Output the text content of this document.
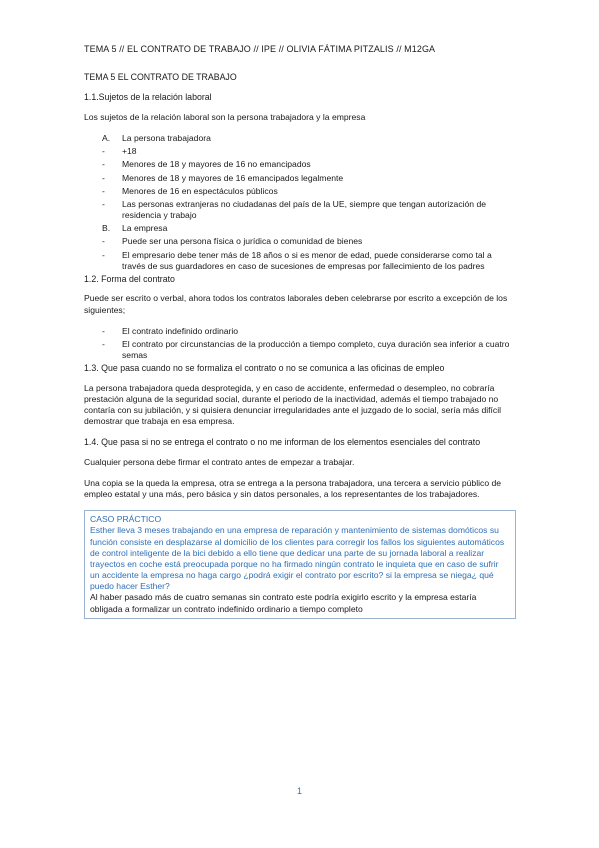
TEMA 5 // EL CONTRATO DE TRABAJO // IPE // OLIVIA FÁTIMA PITZALIS // M12GA
TEMA 5 EL CONTRATO DE TRABAJO
1.1.Sujetos de la relación laboral
Los sujetos de la relación laboral son la persona trabajadora y la empresa
A.	La persona trabajadora
-	+18
-	Menores de 18 y mayores de 16 no emancipados
-	Menores de 18 y mayores de 16 emancipados legalmente
-	Menores de 16 en espectáculos públicos
-	Las personas extranjeras no ciudadanas del país de la UE, siempre que tengan autorización de residencia y trabajo
B.	La empresa
-	Puede ser una persona física o jurídica o comunidad de bienes
-	El empresario debe tener más de 18 años o si es menor de edad, puede considerarse como tal a través de sus guardadores en caso de sucesiones de empresas por fallecimiento de los padres
1.2. Forma del contrato
Puede ser escrito o verbal, ahora todos los contratos laborales deben celebrarse por escrito a excepción de los siguientes;
-	El contrato indefinido ordinario
-	El contrato por circunstancias de la producción a tiempo completo, cuya duración sea inferior a cuatro semas
1.3. Que pasa cuando no se formaliza el contrato o no se comunica a las oficinas de empleo
La persona trabajadora queda desprotegida, y en caso de accidente, enfermedad o desempleo, no cobraría prestación alguna de la seguridad social, durante el periodo de la inactividad, además el tiempo trabajado no contaría con su jubilación, y si quisiera denunciar irregularidades ante el juzgado de lo social, sería más difícil demostrar que trabaja en esa empresa.
1.4. Que pasa si no se entrega el contrato o no me informan de los elementos esenciales del contrato
Cualquier persona debe firmar el contrato antes de empezar a trabajar.
Una copia se la queda la empresa, otra se entrega a la persona trabajadora, una tercera a servicio público de empleo estatal y una más, pero básica y sin datos personales, a los representantes de los trabajadores.
CASO PRÁCTICO
Esther lleva 3 meses trabajando en una empresa de reparación y mantenimiento de sistemas domóticos su función consiste en desplazarse al domicilio de los clientes para corregir los fallos los siguientes automáticos de control inteligente de la bici debido a ello tiene que dedicar una parte de su jornada laboral a realizar trayectos en coche está preocupada porque no ha firmado ningún contrato le inquieta que en caso de sufrir un accidente la empresa no haga cargo ¿podrá exigir el contrato por escrito? si la empresa se niega¿ qué puedo hacer Esther?
Al haber pasado más de cuatro semanas sin contrato este podría exigirlo escrito y la empresa estaría obligada a formalizar un contrato indefinido ordinario a tiempo completo
1
